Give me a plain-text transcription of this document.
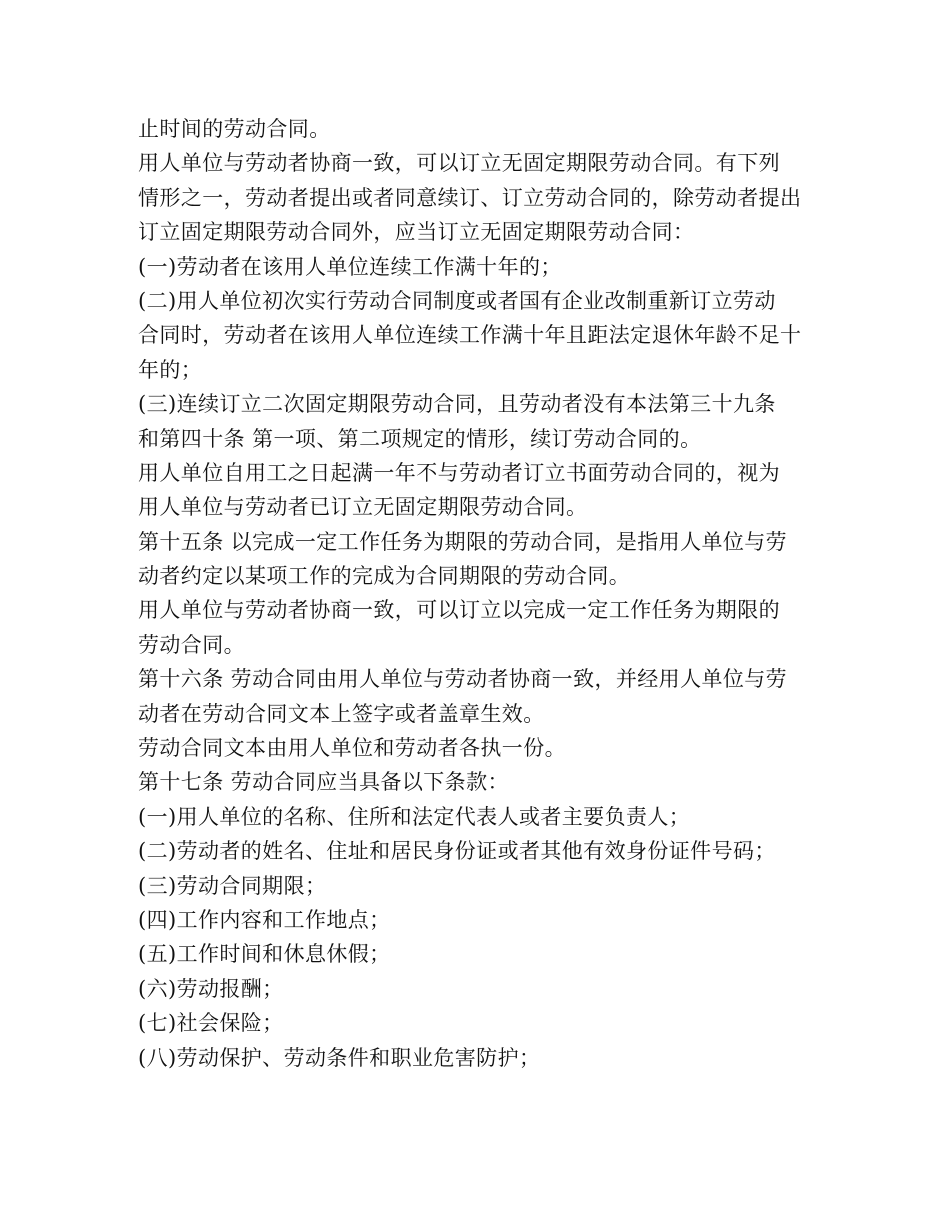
止时间的劳动合同。
用人单位与劳动者协商一致，可以订立无固定期限劳动合同。有下列
情形之一，劳动者提出或者同意续订、订立劳动合同的，除劳动者提出
订立固定期限劳动合同外，应当订立无固定期限劳动合同：
(一)劳动者在该用人单位连续工作满十年的；
(二)用人单位初次实行劳动合同制度或者国有企业改制重新订立劳动
合同时，劳动者在该用人单位连续工作满十年且距法定退休年龄不足十
年的；
(三)连续订立二次固定期限劳动合同，且劳动者没有本法第三十九条
和第四十条 第一项、第二项规定的情形，续订劳动合同的。
用人单位自用工之日起满一年不与劳动者订立书面劳动合同的，视为
用人单位与劳动者已订立无固定期限劳动合同。
第十五条 以完成一定工作任务为期限的劳动合同，是指用人单位与劳
动者约定以某项工作的完成为合同期限的劳动合同。
用人单位与劳动者协商一致，可以订立以完成一定工作任务为期限的
劳动合同。
第十六条 劳动合同由用人单位与劳动者协商一致，并经用人单位与劳
动者在劳动合同文本上签字或者盖章生效。
劳动合同文本由用人单位和劳动者各执一份。
第十七条 劳动合同应当具备以下条款：
(一)用人单位的名称、住所和法定代表人或者主要负责人；
(二)劳动者的姓名、住址和居民身份证或者其他有效身份证件号码；
(三)劳动合同期限；
(四)工作内容和工作地点；
(五)工作时间和休息休假；
(六)劳动报酬；
(七)社会保险；
(八)劳动保护、劳动条件和职业危害防护；
